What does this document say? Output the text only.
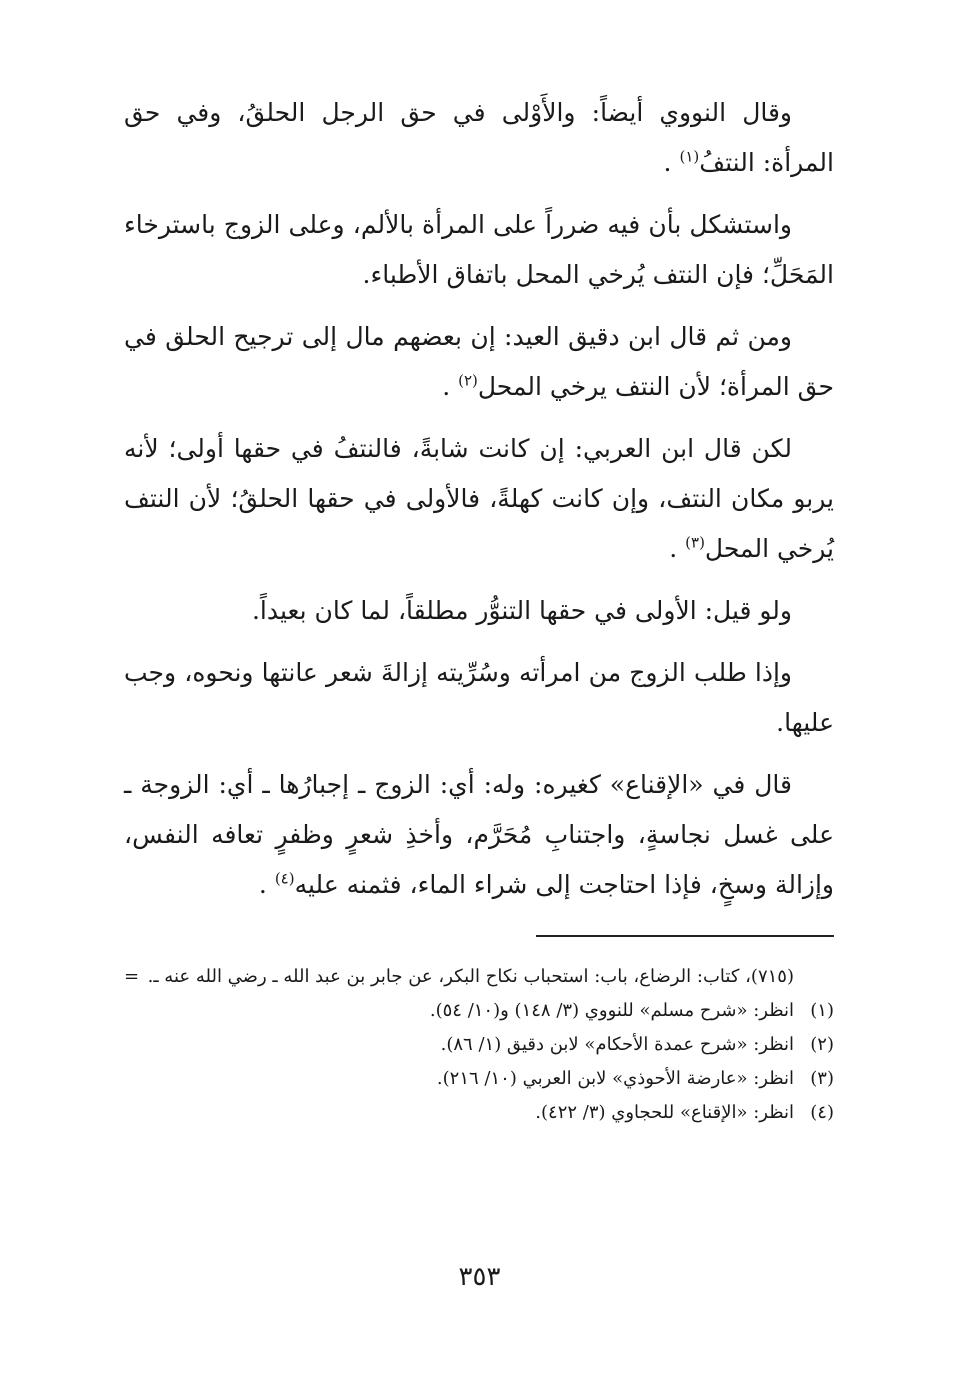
وقال النووي أيضاً: والأَوْلى في حق الرجل الحلقُ، وفي حق المرأة: النتفُ$^{(١)}$ .

واستشكل بأن فيه ضرراً على المرأة بالألم، وعلى الزوج باسترخاء المَحَلِّ؛ فإن النتف يُرخي المحل باتفاق الأطباء.

ومن ثم قال ابن دقيق العيد: إن بعضهم مال إلى ترجيح الحلق في حق المرأة؛ لأن النتف يرخي المحل$^{(٢)}$ .

لكن قال ابن العربي: إن كانت شابةً، فالنتفُ في حقها أولى؛ لأنه يربو مكان النتف، وإن كانت كهلةً، فالأولى في حقها الحلقُ؛ لأن النتف يُرخي المحل$^{(٣)}$ .

ولو قيل: الأولى في حقها التنوُّر مطلقاً، لما كان بعيداً.

وإذا طلب الزوج من امرأته وسُرِّيته إزالةَ شعر عانتها ونحوه، وجب عليها.

قال في «الإقناع» كغيره: وله: أي: الزوج ـ إجبارُها ـ أي: الزوجة ـ على غسل نجاسةٍ، واجتنابِ مُحَرَّم، وأخذِ شعرٍ وظفرٍ تعافه النفس، وإزالة وسخٍ، فإذا احتاجت إلى شراء الماء، فثمنه عليه$^{(٤)}$ .

(٧١٥)، كتاب: الرضاع، باب: استحباب نكاح البكر، عن جابر بن عبد الله ـ رضي الله عنه ـ.
=

(١)
انظر: «شرح مسلم» للنووي (٣/ ١٤٨) و(١٠/ ٥٤).

(٢)
انظر: «شرح عمدة الأحكام» لابن دقيق (١/ ٨٦).

(٣)
انظر: «عارضة الأحوذي» لابن العربي (١٠/ ٢١٦).

(٤)
انظر: «الإقناع» للحجاوي (٣/ ٤٢٢).

٣٥٣
